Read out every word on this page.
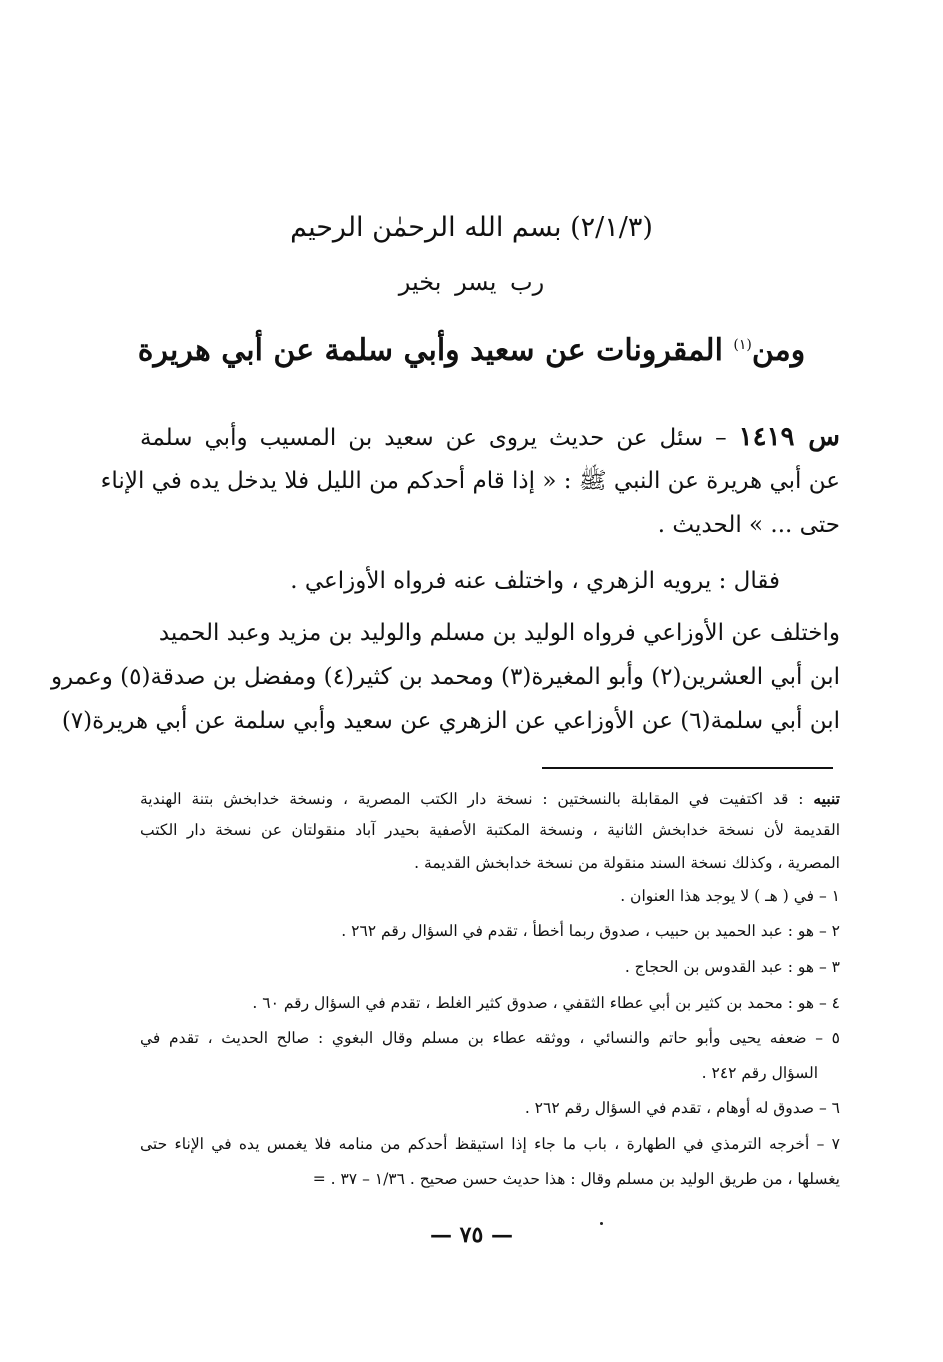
(٢/١/٣) بسم الله الرحمٰن الرحيم
رب يسر بخير
ومن$^{(١)}$ المقرونات عن سعيد وأبي سلمة عن أبي هريرة
س ١٤١٩ – سئل عن حديث يروى عن سعيد بن المسيب وأبي سلمة
عن أبي هريرة عن النبي ﷺ : « إذا قام أحدكم من الليل فلا يدخل يده في الإناء
حتى ... » الحديث .
فقال : يرويه الزهري ، واختلف عنه فرواه الأوزاعي .
واختلف عن الأوزاعي فرواه الوليد بن مسلم والوليد بن مزيد وعبد الحميد
ابن أبي العشرين(٢) وأبو المغيرة(٣) ومحمد بن كثير(٤) ومفضل بن صدقة(٥) وعمرو
ابن أبي سلمة(٦) عن الأوزاعي عن الزهري عن سعيد وأبي سلمة عن أبي هريرة(٧)
تنبيه : قد اكتفيت في المقابلة بالنسختين : نسخة دار الكتب المصرية ، ونسخة خدابخش بتنة الهندية
القديمة لأن نسخة خدابخش الثانية ، ونسخة المكتبة الأصفية بحيدر آباد منقولتان عن نسخة دار الكتب
المصرية ، وكذلك نسخة السند منقولة من نسخة خدابخش القديمة .
١ – في ( هـ ) لا يوجد هذا العنوان .
٢ – هو : عبد الحميد بن حبيب ، صدوق ربما أخطأ ، تقدم في السؤال رقم ٢٦٢ .
٣ – هو : عبد القدوس بن الحجاج .
٤ – هو : محمد بن كثير بن أبي عطاء الثقفي ، صدوق كثير الغلط ، تقدم في السؤال رقم ٦٠ .
٥ – ضعفه يحيى وأبو حاتم والنسائي ، ووثقه عطاء بن مسلم وقال البغوي : صالح الحديث ، تقدم في
السؤال رقم ٢٤٢ .
٦ – صدوق له أوهام ، تقدم في السؤال رقم ٢٦٢ .
٧ – أخرجه الترمذي في الطهارة ، باب ما جاء إذا استيقظ أحدكم من منامه فلا يغمس يده في الإناء حتى
يغسلها ، من طريق الوليد بن مسلم وقال : هذا حديث حسن صحيح . ١/٣٦ – ٣٧ . =
— ٧٥ —
